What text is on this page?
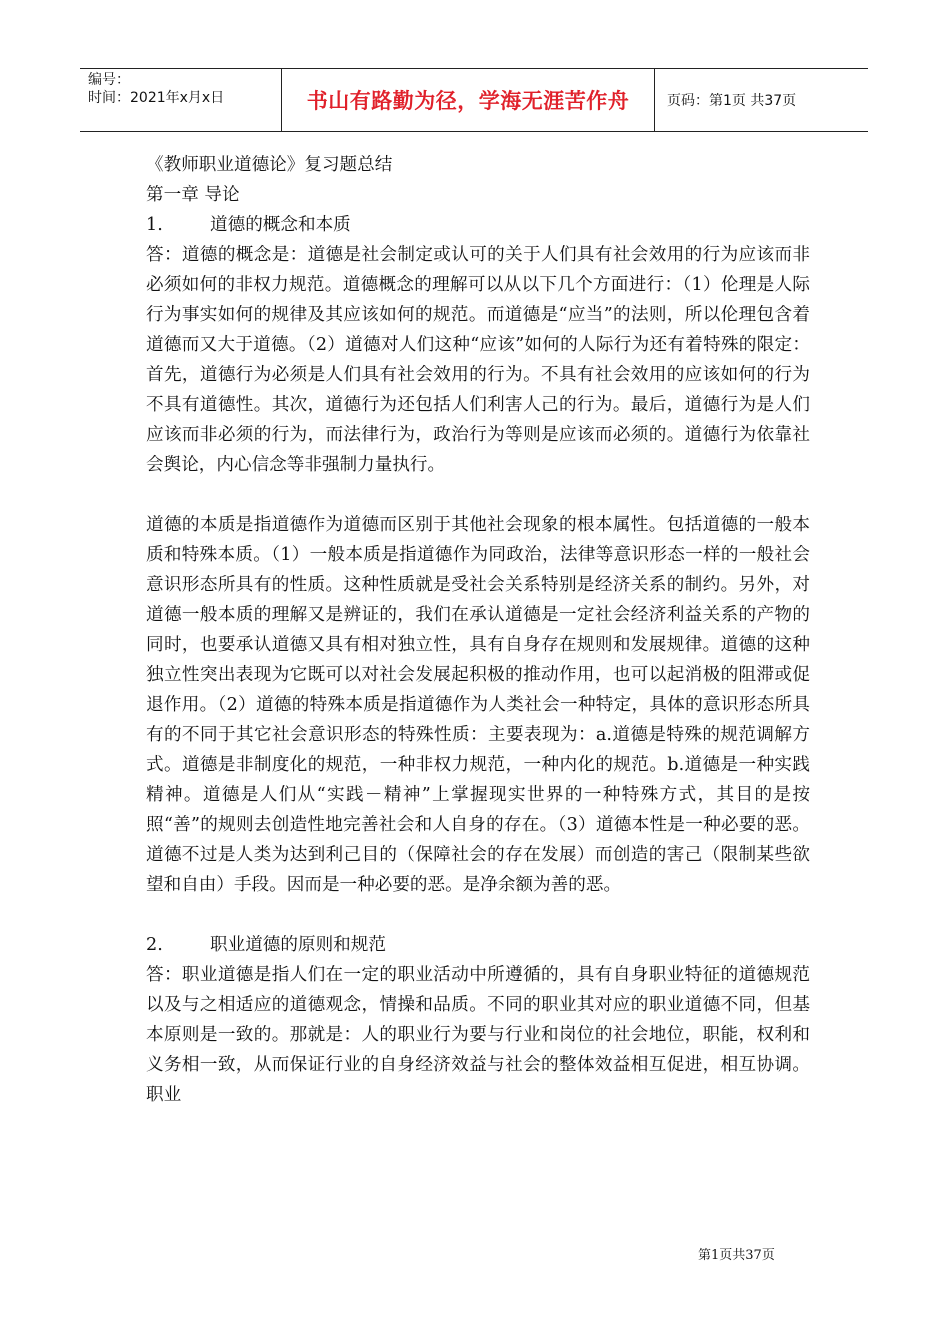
编号：
时间：2021年x月x日	书山有路勤为径，学海无涯苦作舟	页码：第1页 共37页

《教师职业道德论》复习题总结

第一章 导论

1.	道德的概念和本质

答：道德的概念是：道德是社会制定或认可的关于人们具有社会效用的行为应该而非必须如何的非权力规范。道德概念的理解可以从以下几个方面进行：（1）伦理是人际行为事实如何的规律及其应该如何的规范。而道德是“应当”的法则，所以伦理包含着道德而又大于道德。（2）道德对人们这种“应该”如何的人际行为还有着特殊的限定：首先，道德行为必须是人们具有社会效用的行为。不具有社会效用的应该如何的行为不具有道德性。其次，道德行为还包括人们利害人己的行为。最后，道德行为是人们应该而非必须的行为，而法律行为，政治行为等则是应该而必须的。道德行为依靠社会舆论，内心信念等非强制力量执行。

道德的本质是指道德作为道德而区别于其他社会现象的根本属性。包括道德的一般本质和特殊本质。（1）一般本质是指道德作为同政治，法律等意识形态一样的一般社会意识形态所具有的性质。这种性质就是受社会关系特别是经济关系的制约。另外，对道德一般本质的理解又是辨证的，我们在承认道德是一定社会经济利益关系的产物的同时，也要承认道德又具有相对独立性，具有自身存在规则和发展规律。道德的这种独立性突出表现为它既可以对社会发展起积极的推动作用，也可以起消极的阻滞或促退作用。（2）道德的特殊本质是指道德作为人类社会一种特定，具体的意识形态所具有的不同于其它社会意识形态的特殊性质：主要表现为：a.道德是特殊的规范调解方式。道德是非制度化的规范，一种非权力规范，一种内化的规范。b.道德是一种实践精神。道德是人们从“实践－精神”上掌握现实世界的一种特殊方式，其目的是按照“善”的规则去创造性地完善社会和人自身的存在。（3）道德本性是一种必要的恶。道德不过是人类为达到利己目的（保障社会的存在发展）而创造的害己（限制某些欲望和自由）手段。因而是一种必要的恶。是净余额为善的恶。

2.	职业道德的原则和规范

答：职业道德是指人们在一定的职业活动中所遵循的，具有自身职业特征的道德规范以及与之相适应的道德观念，情操和品质。不同的职业其对应的职业道德不同，但基本原则是一致的。那就是：人的职业行为要与行业和岗位的社会地位，职能，权利和义务相一致，从而保证行业的自身经济效益与社会的整体效益相互促进，相互协调。职业

第1页共37页
